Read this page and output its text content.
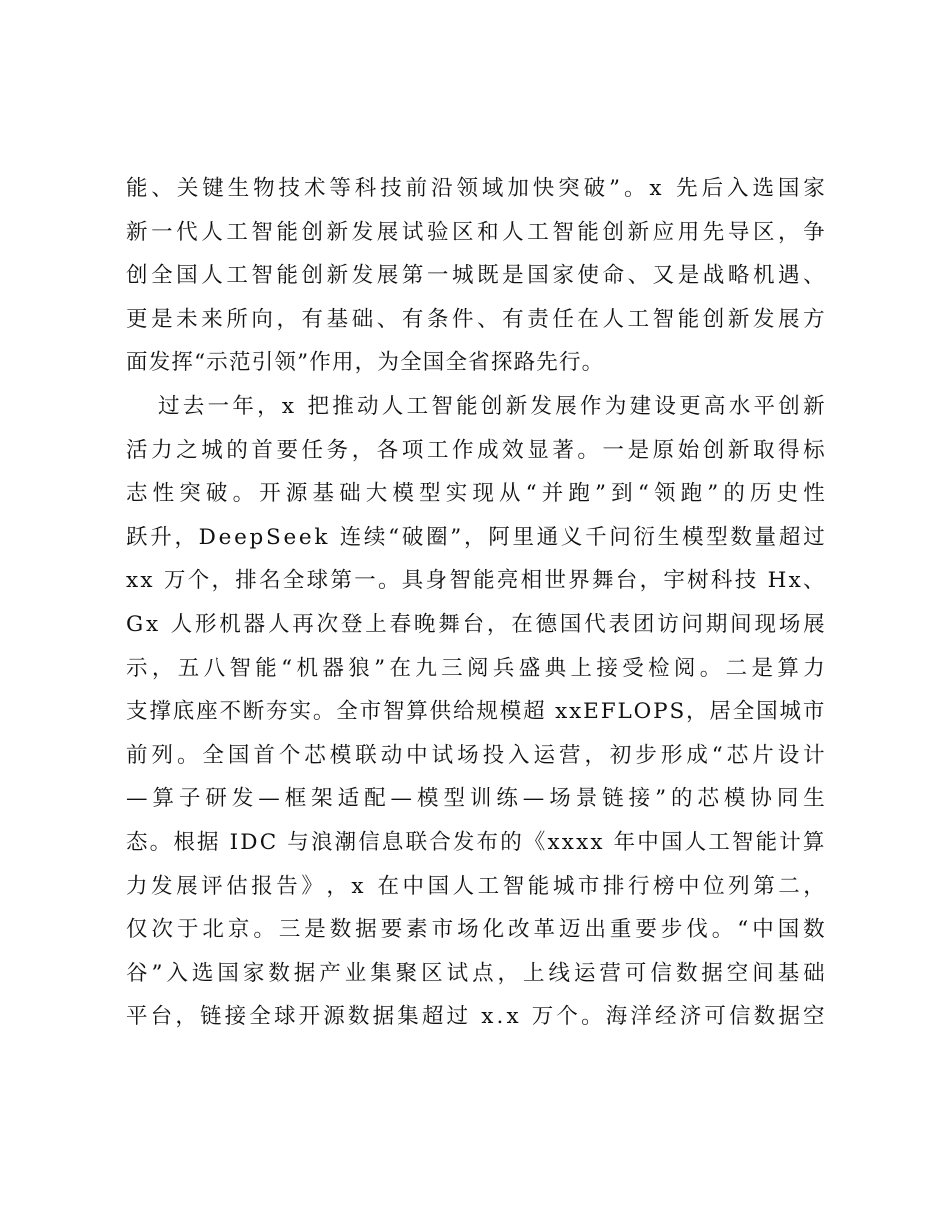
能 、 关 键 生 物 技 术 等 科 技 前 沿 领 域 加 快 突 破 ” 。 x
先 后 入 选 国 家
新 一 代 人 工 智 能 创 新 发 展 试 验 区 和 人 工 智 能 创 新 应 用 先 导 区 ， 争
创 全 国 人 工 智 能 创 新 发 展 第 一 城 既 是 国 家 使 命 、 又 是 战 略 机 遇 、
更 是 未 来 所 向 ， 有 基 础 、 有 条 件 、 有 责 任 在 人 工 智 能 创 新 发 展 方
面发挥“示范引领”作用，为全国全省探路先行。
过 去 一 年 ， x
把 推 动 人 工 智 能 创 新 发 展 作 为 建 设 更 高 水 平 创 新
活 力 之 城 的 首 要 任 务 ， 各 项 工 作 成 效 显 著 。 一 是 原 始 创 新 取 得 标
志 性 突 破 。 开 源 基 础 大 模 型 实 现 从 “ 并 跑 ” 到 “ 领 跑 ” 的 历 史 性
跃 升 ， D e e p S e e k
连 续 “ 破 圈 ” ， 阿 里 通 义 千 问 衍 生 模 型 数 量 超 过
x x
万 个 ， 排 名 全 球 第 一 。 具 身 智 能 亮 相 世 界 舞 台 ， 宇 树 科 技
H x 、
G x
人 形 机 器 人 再 次 登 上 春 晚 舞 台 ， 在 德 国 代 表 团 访 问 期 间 现 场 展
示 ， 五 八 智 能 “ 机 器 狼 ” 在 九 三 阅 兵 盛 典 上 接 受 检 阅 。 二 是 算 力
支 撑 底 座 不 断 夯 实 。 全 市 智 算 供 给 规 模 超
x x E F L O P S ， 居 全 国 城 市
前 列 。 全 国 首 个 芯 模 联 动 中 试 场 投 入 运 营 ， 初 步 形 成 “ 芯 片 设 计
— 算 子 研 发 — 框 架 适 配 — 模 型 训 练 — 场 景 链 接 ” 的 芯 模 协 同 生
态 。 根 据
I D C
与 浪 潮 信 息 联 合 发 布 的 《 x x x x
年 中 国 人 工 智 能 计 算
力 发 展 评 估 报 告 》 ， x
在 中 国 人 工 智 能 城 市 排 行 榜 中 位 列 第 二 ，
仅 次 于 北 京 。 三 是 数 据 要 素 市 场 化 改 革 迈 出 重 要 步 伐 。 “ 中 国 数
谷 ” 入 选 国 家 数 据 产 业 集 聚 区 试 点 ， 上 线 运 营 可 信 数 据 空 间 基 础
平 台 ， 链 接 全 球 开 源 数 据 集 超 过
x . x
万 个 。 海 洋 经 济 可 信 数 据 空
